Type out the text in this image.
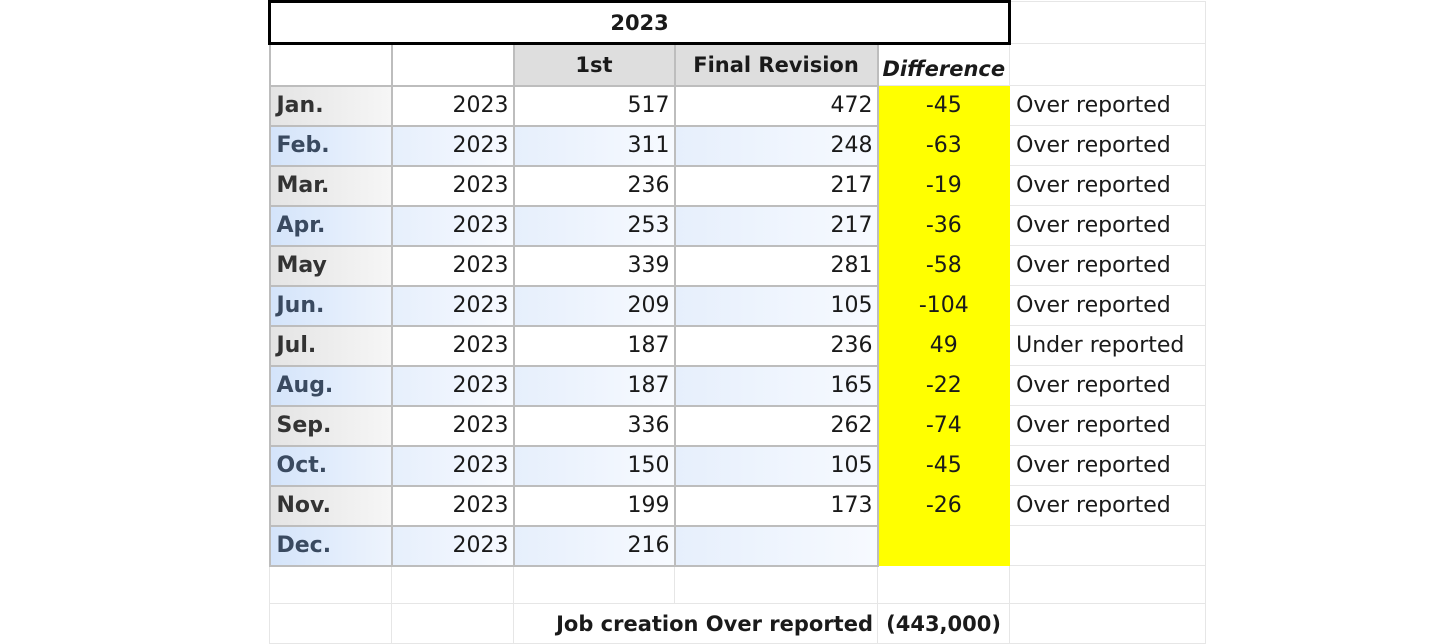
2023					
		1st	Final Revision	Difference	
Jan.	2023	517	472	-45	Over reported
Feb.	2023	311	248	-63	Over reported
Mar.	2023	236	217	-19	Over reported
Apr.	2023	253	217	-36	Over reported
May	2023	339	281	-58	Over reported
Jun.	2023	209	105	-104	Over reported
Jul.	2023	187	236	49	Under reported
Aug.	2023	187	165	-22	Over reported
Sep.	2023	336	262	-74	Over reported
Oct.	2023	150	105	-45	Over reported
Nov.	2023	199	173	-26	Over reported
Dec.	2023	216			

		Job creation Over reported		(443,000)	
